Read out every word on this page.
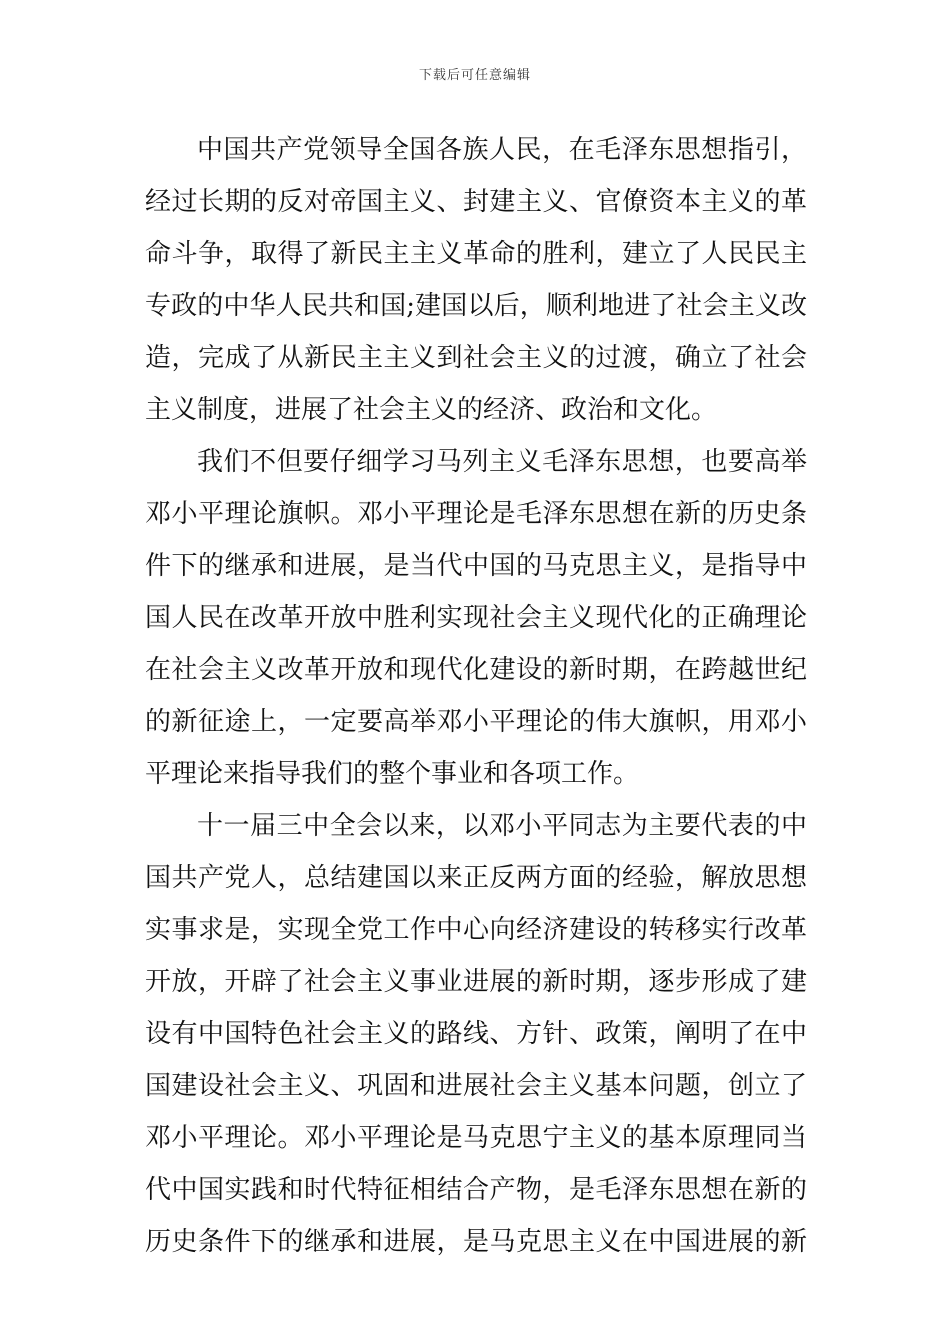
下载后可任意编辑
中国共产党领导全国各族人民，在毛泽东思想指引，
经过长期的反对帝国主义、封建主义、官僚资本主义的革
命斗争，取得了新民主主义革命的胜利，建立了人民民主
专政的中华人民共和国;建国以后，顺利地进了社会主义改
造，完成了从新民主主义到社会主义的过渡，确立了社会
主义制度，进展了社会主义的经济、政治和文化。
我们不但要仔细学习马列主义毛泽东思想，也要高举
邓小平理论旗帜。邓小平理论是毛泽东思想在新的历史条
件下的继承和进展，是当代中国的马克思主义，是指导中
国人民在改革开放中胜利实现社会主义现代化的正确理论
在社会主义改革开放和现代化建设的新时期，在跨越世纪
的新征途上，一定要高举邓小平理论的伟大旗帜，用邓小
平理论来指导我们的整个事业和各项工作。
十一届三中全会以来，以邓小平同志为主要代表的中
国共产党人，总结建国以来正反两方面的经验，解放思想
实事求是，实现全党工作中心向经济建设的转移实行改革
开放，开辟了社会主义事业进展的新时期，逐步形成了建
设有中国特色社会主义的路线、方针、政策，阐明了在中
国建设社会主义、巩固和进展社会主义基本问题，创立了
邓小平理论。邓小平理论是马克思宁主义的基本原理同当
代中国实践和时代特征相结合产物，是毛泽东思想在新的
历史条件下的继承和进展，是马克思主义在中国进展的新
